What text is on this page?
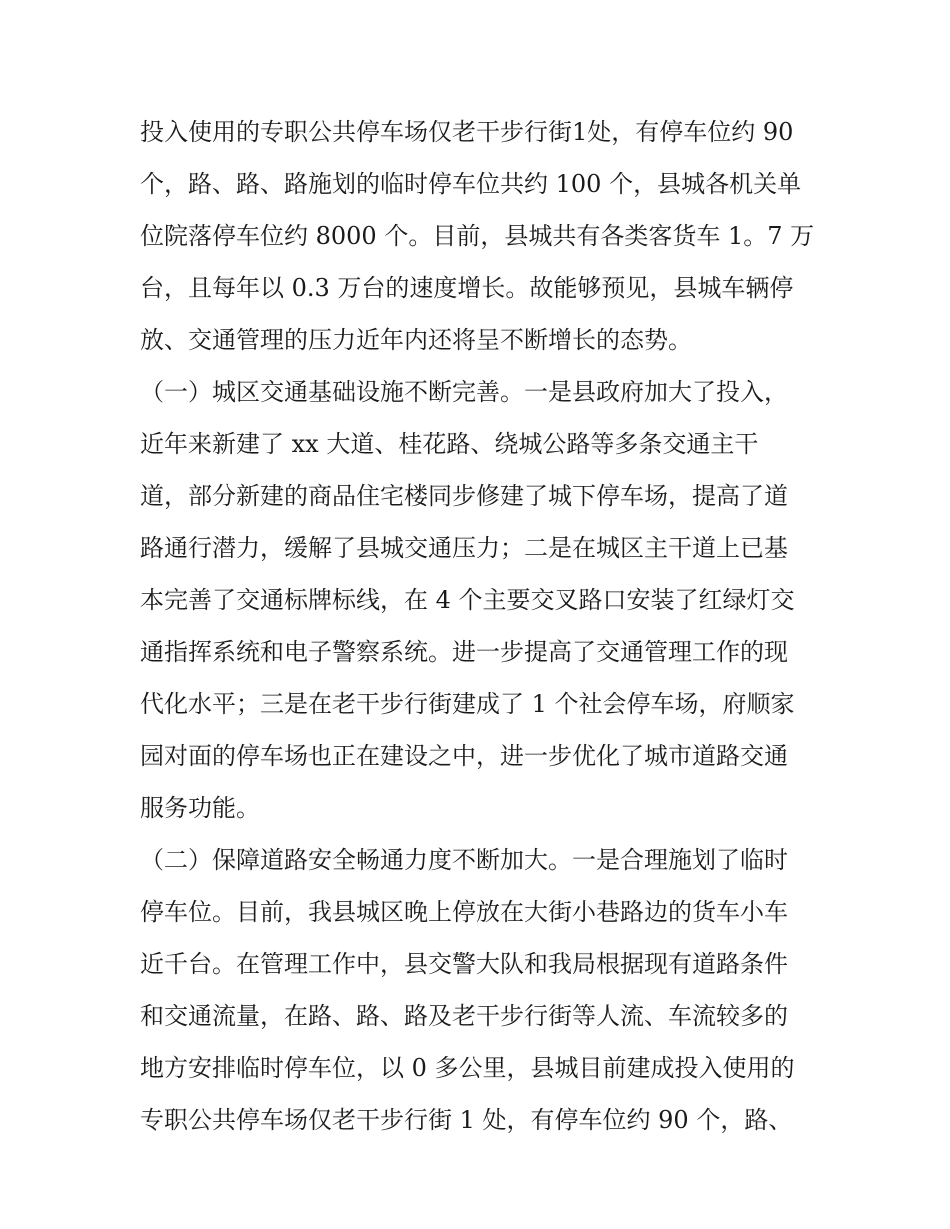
投入使用的专职公共停车场仅老干步行街1处，有停车位约 90
个，路、路、路施划的临时停车位共约 100 个，县城各机关单
位院落停车位约 8000 个。目前，县城共有各类客货车 1。7 万
台，且每年以 0.3 万台的速度增长。故能够预见，县城车辆停
放、交通管理的压力近年内还将呈不断增长的态势。
（一）城区交通基础设施不断完善。一是县政府加大了投入，
近年来新建了 xx 大道、桂花路、绕城公路等多条交通主干
道，部分新建的商品住宅楼同步修建了城下停车场，提高了道
路通行潜力，缓解了县城交通压力；二是在城区主干道上已基
本完善了交通标牌标线，在 4 个主要交叉路口安装了红绿灯交
通指挥系统和电子警察系统。进一步提高了交通管理工作的现
代化水平；三是在老干步行街建成了 1 个社会停车场，府顺家
园对面的停车场也正在建设之中，进一步优化了城市道路交通
服务功能。
（二）保障道路安全畅通力度不断加大。一是合理施划了临时
停车位。目前，我县城区晚上停放在大街小巷路边的货车小车
近千台。在管理工作中，县交警大队和我局根据现有道路条件
和交通流量，在路、路、路及老干步行街等人流、车流较多的
地方安排临时停车位，以 0 多公里，县城目前建成投入使用的
专职公共停车场仅老干步行街 1 处，有停车位约 90 个，路、
